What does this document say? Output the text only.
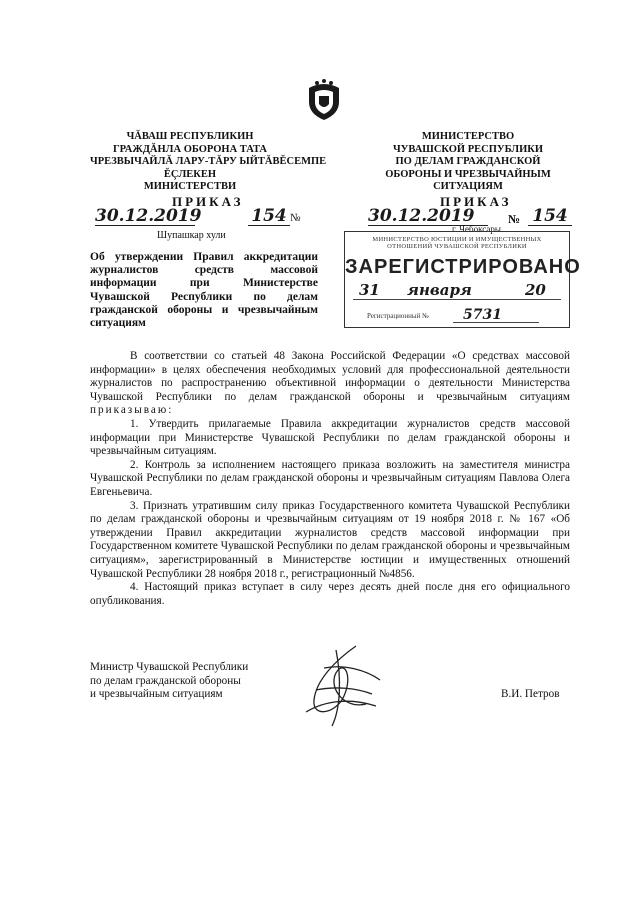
ЧĂВАШ РЕСПУБЛИКИН
ГРАЖДĂНЛА ОБОРОНА ТАТА
ЧРЕЗВЫЧАЙЛĂ ЛАРУ-ТĂРУ ЫЙТĂВĔСЕМПЕ
ĔÇЛЕКЕН
МИНИСТЕРСТВИ
ПРИКАЗ
30.12.2019	154 №
Шупашкар хули
МИНИСТЕРСТВО
ЧУВАШСКОЙ РЕСПУБЛИКИ
ПО ДЕЛАМ ГРАЖДАНСКОЙ
ОБОРОНЫ И ЧРЕЗВЫЧАЙНЫМ
СИТУАЦИЯМ
ПРИКАЗ
30.12.2019	№ 154
г. Чебоксары
МИНИСТЕРСТВО ЮСТИЦИИ И ИМУЩЕСТВЕННЫХ
ОТНОШЕНИЙ ЧУВАШСКОЙ РЕСПУБЛИКИ
ЗАРЕГИСТРИРОВАНО
31 января	20
Регистрационный № 5731
Об утверждении Правил аккредитации журналистов средств массовой информации при Министерстве Чувашской Республики по делам гражданской обороны и чрезвычайным ситуациям

В соответствии со статьей 48 Закона Российской Федерации «О средствах массовой информации» в целях обеспечения необходимых условий для профессиональной деятельности журналистов по распространению объективной информации о деятельности Министерства Чувашской Республики по делам гражданской обороны и чрезвычайным ситуациям приказываю:

1. Утвердить прилагаемые Правила аккредитации журналистов средств массовой информации при Министерстве Чувашской Республики по делам гражданской обороны и чрезвычайным ситуациям.

2. Контроль за исполнением настоящего приказа возложить на заместителя министра Чувашской Республики по делам гражданской обороны и чрезвычайным ситуациям Павлова Олега Евгеньевича.

3. Признать утратившим силу приказ Государственного комитета Чувашской Республики по делам гражданской обороны и чрезвычайным ситуациям от 19 ноября 2018 г. № 167 «Об утверждении Правил аккредитации журналистов средств массовой информации при Государственном комитете Чувашской Республики по делам гражданской обороны и чрезвычайным ситуациям», зарегистрированный в Министерстве юстиции и имущественных отношений Чувашской Республики 28 ноября 2018 г., регистрационный №4856.

4. Настоящий приказ вступает в силу через десять дней после дня его официального опубликования.

Министр Чувашской Республики
по делам гражданской обороны
и чрезвычайным ситуациям	В.И. Петров
